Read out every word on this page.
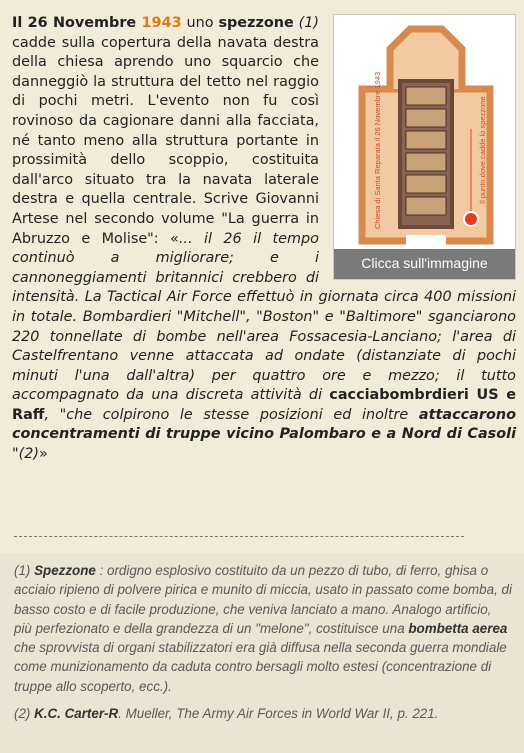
Chiesa di Santa Reparata il 26 Novembre 1943	Il punto dove cadde lo spezzone
Clicca sull'immagine
Il 26 Novembre 1943 uno spezzone (1) cadde sulla copertura della navata destra della chiesa aprendo uno squarcio che danneggiò la struttura del tetto nel raggio di pochi metri. L'evento non fu così rovinoso da cagionare danni alla facciata, né tanto meno alla struttura portante in prossimità dello scoppio, costituita dall'arco situato tra la navata laterale destra e quella centrale. Scrive Giovanni Artese nel secondo volume "La guerra in Abruzzo e Molise": «... il 26 il tempo continuò a migliorare; e i cannoneggiamenti britannici crebbero di intensità. La Tactical Air Force effettuò in giornata circa 400 missioni in totale. Bombardieri "Mitchell", "Boston" e "Baltimore" sganciarono 220 tonnellate di bombe nell'area Fossacesia-Lanciano; l'area di Castelfrentano venne attaccata ad ondate (distanziate di pochi minuti l'una dall'altra) per quattro ore e mezzo; il tutto accompagnato da una discreta attività di cacciabombrdieri US e Raff, "che colpirono le stesse posizioni ed inoltre attaccarono concentramenti di truppe vicino Palombaro e a Nord di Casoli "(2)»

(1) Spezzone : ordigno esplosivo costituito da un pezzo di tubo, di ferro, ghisa o acciaio ripieno di polvere pirica e munito di miccia, usato in passato come bomba, di basso costo e di facile produzione, che veniva lanciato a mano. Analogo artificio, più perfezionato e della grandezza di un "melone", costituisce una bombetta aerea che sprovvista di organi stabilizzatori era già diffusa nella seconda guerra mondiale come munizionamento da caduta contro bersagli molto estesi (concentrazione di truppe allo scoperto, ecc.).

(2) K.C. Carter-R. Mueller, The Army Air Forces in World War II, p. 221.
